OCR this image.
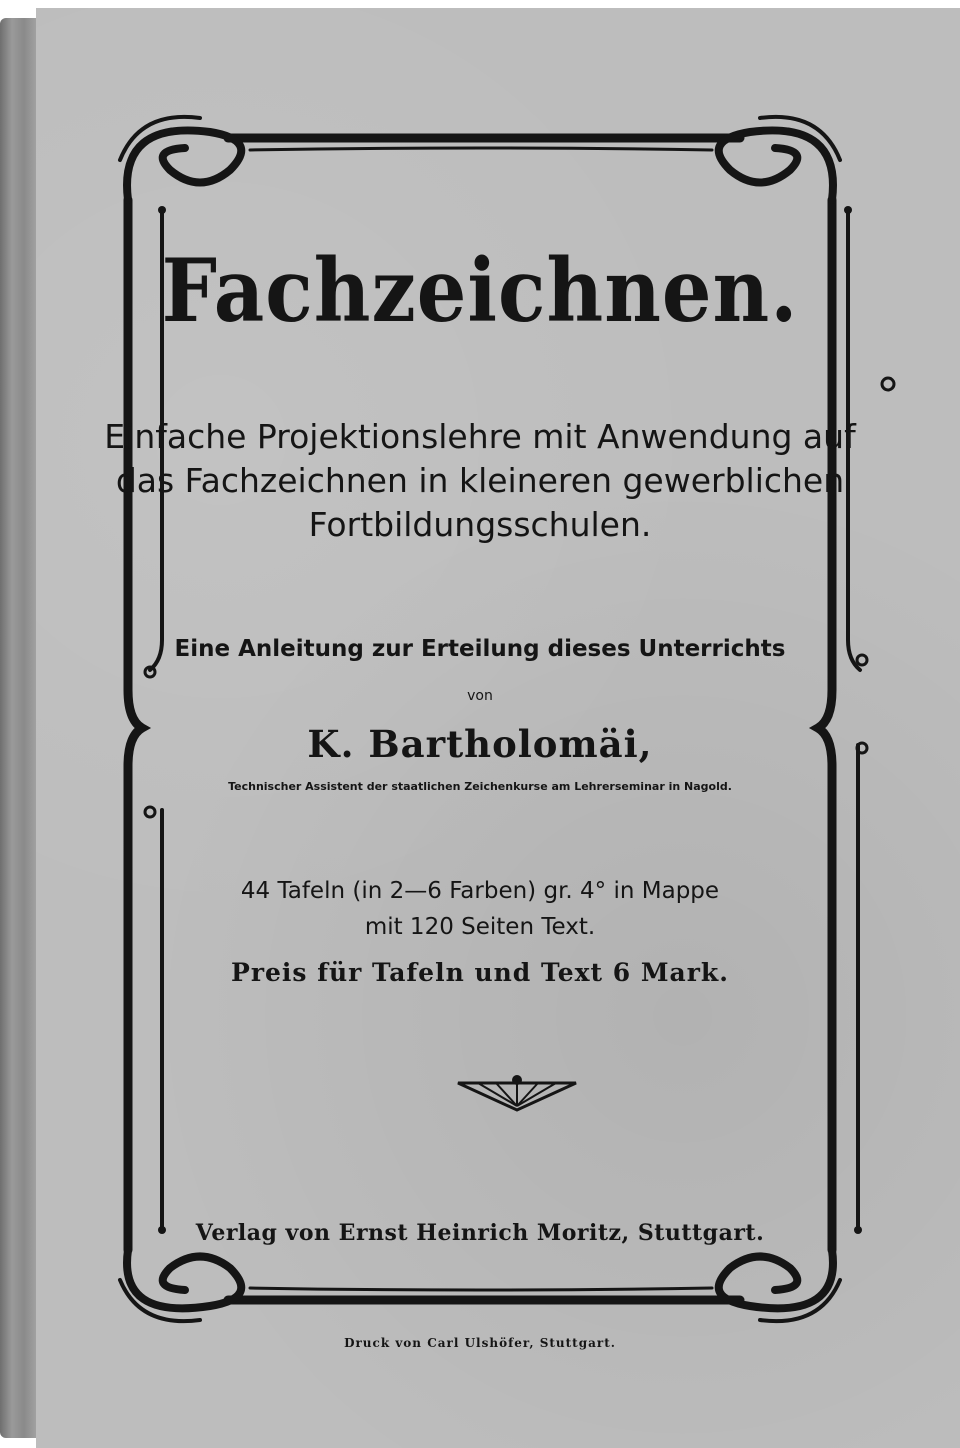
Fachzeichnen.
Einfache Projektionslehre mit Anwendung auf
das Fachzeichnen in kleineren gewerblichen
Fortbildungsschulen.
Eine Anleitung zur Erteilung dieses Unterrichts
von
K. Bartholomäi,
Technischer Assistent der staatlichen Zeichenkurse am Lehrerseminar in Nagold.
44 Tafeln (in 2—6 Farben) gr. 4° in Mappe
mit 120 Seiten Text.
Preis für Tafeln und Text 6 Mark.
Verlag von Ernst Heinrich Moritz, Stuttgart.
Druck von Carl Ulshöfer, Stuttgart.
